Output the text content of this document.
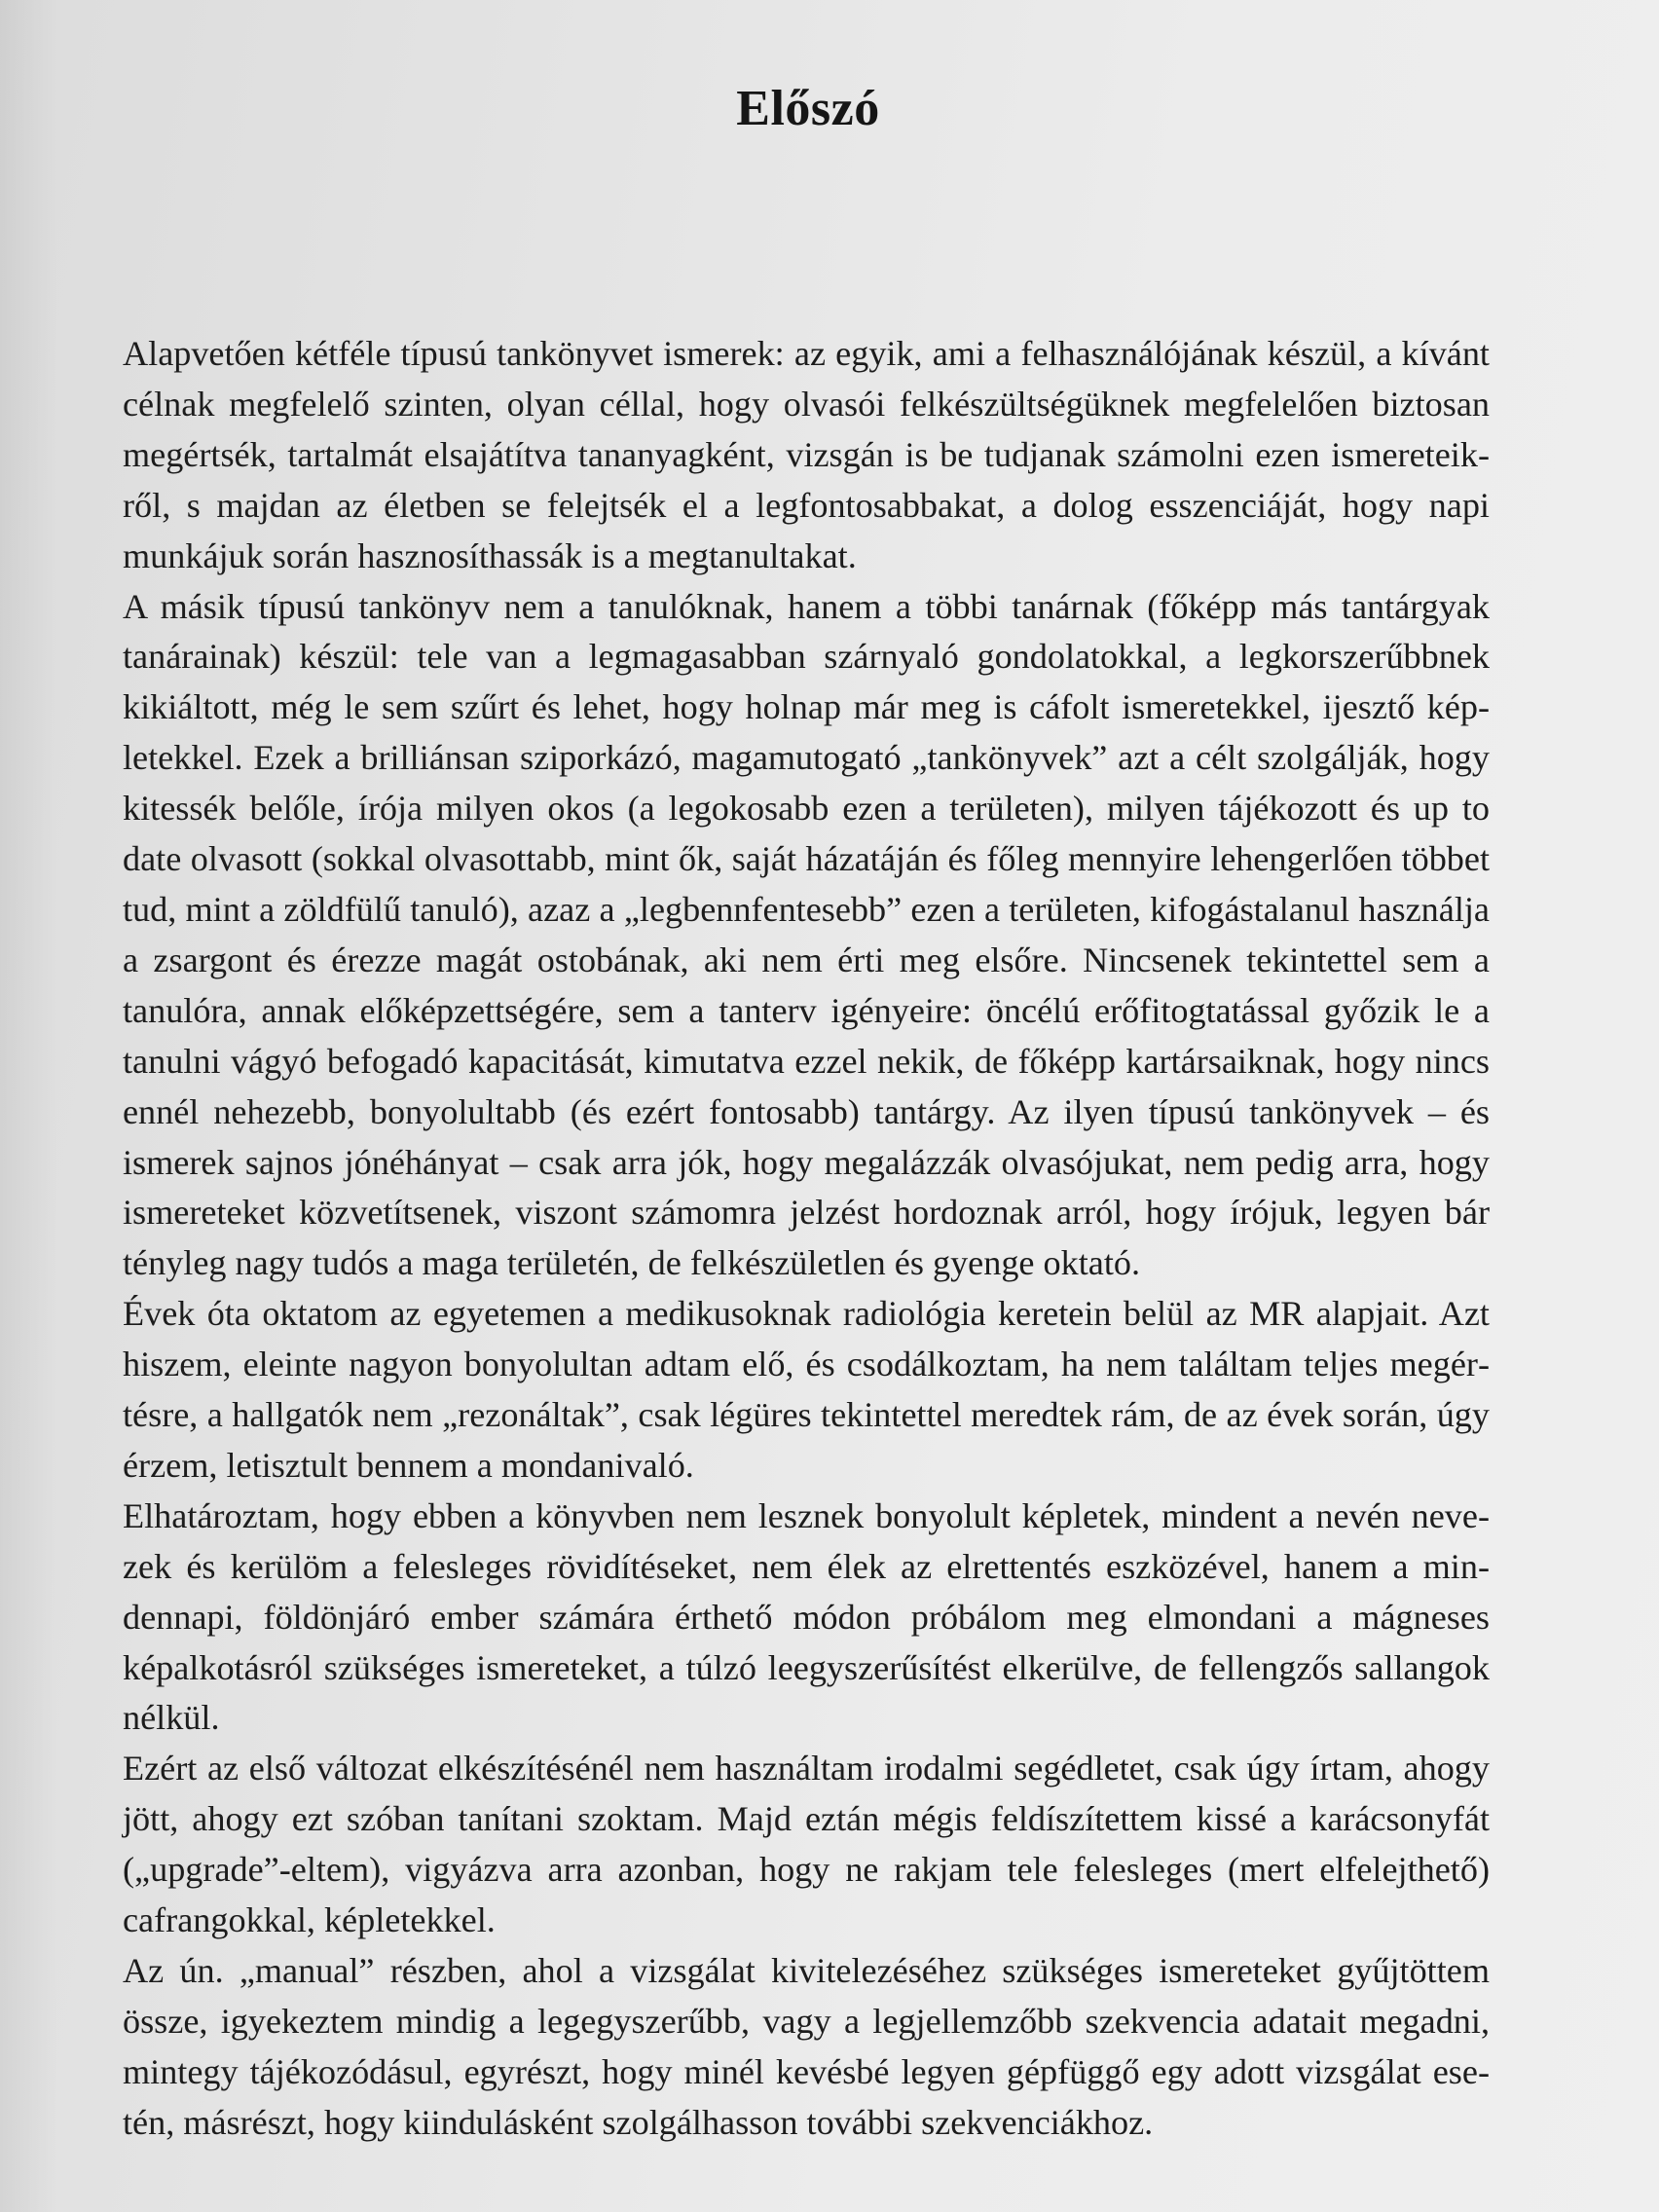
Előszó

Alapvetően kétféle típusú tankönyvet ismerek: az egyik, ami a felhasználójának készül, a kívánt célnak megfelelő szinten, olyan céllal, hogy olvasói felkészültségüknek megfelelően biztosan megértsék, tartalmát elsajátítva tananyagként, vizsgán is be tudjanak számolni ezen ismereteikről, s majdan az életben se felejtsék el a legfontosabbakat, a dolog esszenciáját, hogy napi munkájuk során hasznosíthassák is a megtanultakat.

A másik típusú tankönyv nem a tanulóknak, hanem a többi tanárnak (főképp más tantárgyak tanárainak) készül: tele van a legmagasabban szárnyaló gondolatokkal, a legkorszerűbbnek kikiáltott, még le sem szűrt és lehet, hogy holnap már meg is cáfolt ismeretekkel, ijesztő képletekkel. Ezek a brilliánsan sziporkázó, magamutogató „tankönyvek” azt a célt szolgálják, hogy kitessék belőle, írója milyen okos (a legokosabb ezen a területen), milyen tájékozott és up to date olvasott (sokkal olvasottabb, mint ők, saját házatáján és főleg mennyire lehengerlően többet tud, mint a zöldfülű tanuló), azaz a „legbennfentesebb” ezen a területen, kifogástalanul használja a zsargont és érezze magát ostobának, aki nem érti meg elsőre. Nincsenek tekintettel sem a tanulóra, annak előképzettségére, sem a tanterv igényeire: öncélú erőfitogtatással győzik le a tanulni vágyó befogadó kapacitását, kimutatva ezzel nekik, de főképp kartársaiknak, hogy nincs ennél nehezebb, bonyolultabb (és ezért fontosabb) tantárgy. Az ilyen típusú tankönyvek – és ismerek sajnos jónéhányat – csak arra jók, hogy megalázzák olvasójukat, nem pedig arra, hogy ismereteket közvetítsenek, viszont számomra jelzést hordoznak arról, hogy írójuk, legyen bár tényleg nagy tudós a maga területén, de felkészületlen és gyenge oktató.

Évek óta oktatom az egyetemen a medikusoknak radiológia keretein belül az MR alapjait. Azt hiszem, eleinte nagyon bonyolultan adtam elő, és csodálkoztam, ha nem találtam teljes megértésre, a hallgatók nem „rezonáltak”, csak légüres tekintettel meredtek rám, de az évek során, úgy érzem, letisztult bennem a mondanivaló.

Elhatároztam, hogy ebben a könyvben nem lesznek bonyolult képletek, mindent a nevén nevezek és kerülöm a felesleges rövidítéseket, nem élek az elrettentés eszközével, hanem a mindennapi, földönjáró ember számára érthető módon próbálom meg elmondani a mágneses képalkotásról szükséges ismereteket, a túlzó leegyszerűsítést elkerülve, de fellengzős sallangok nélkül.

Ezért az első változat elkészítésénél nem használtam irodalmi segédletet, csak úgy írtam, ahogy jött, ahogy ezt szóban tanítani szoktam. Majd eztán mégis feldíszítettem kissé a karácsonyfát („upgrade”-eltem), vigyázva arra azonban, hogy ne rakjam tele felesleges (mert elfelejthető) cafrangokkal, képletekkel.

Az ún. „manual” részben, ahol a vizsgálat kivitelezéséhez szükséges ismereteket gyűjtöttem össze, igyekeztem mindig a legegyszerűbb, vagy a legjellemzőbb szekvencia adatait megadni, mintegy tájékozódásul, egyrészt, hogy minél kevésbé legyen gépfüggő egy adott vizsgálat esetén, másrészt, hogy kiindulásként szolgálhasson további szekvenciákhoz.
